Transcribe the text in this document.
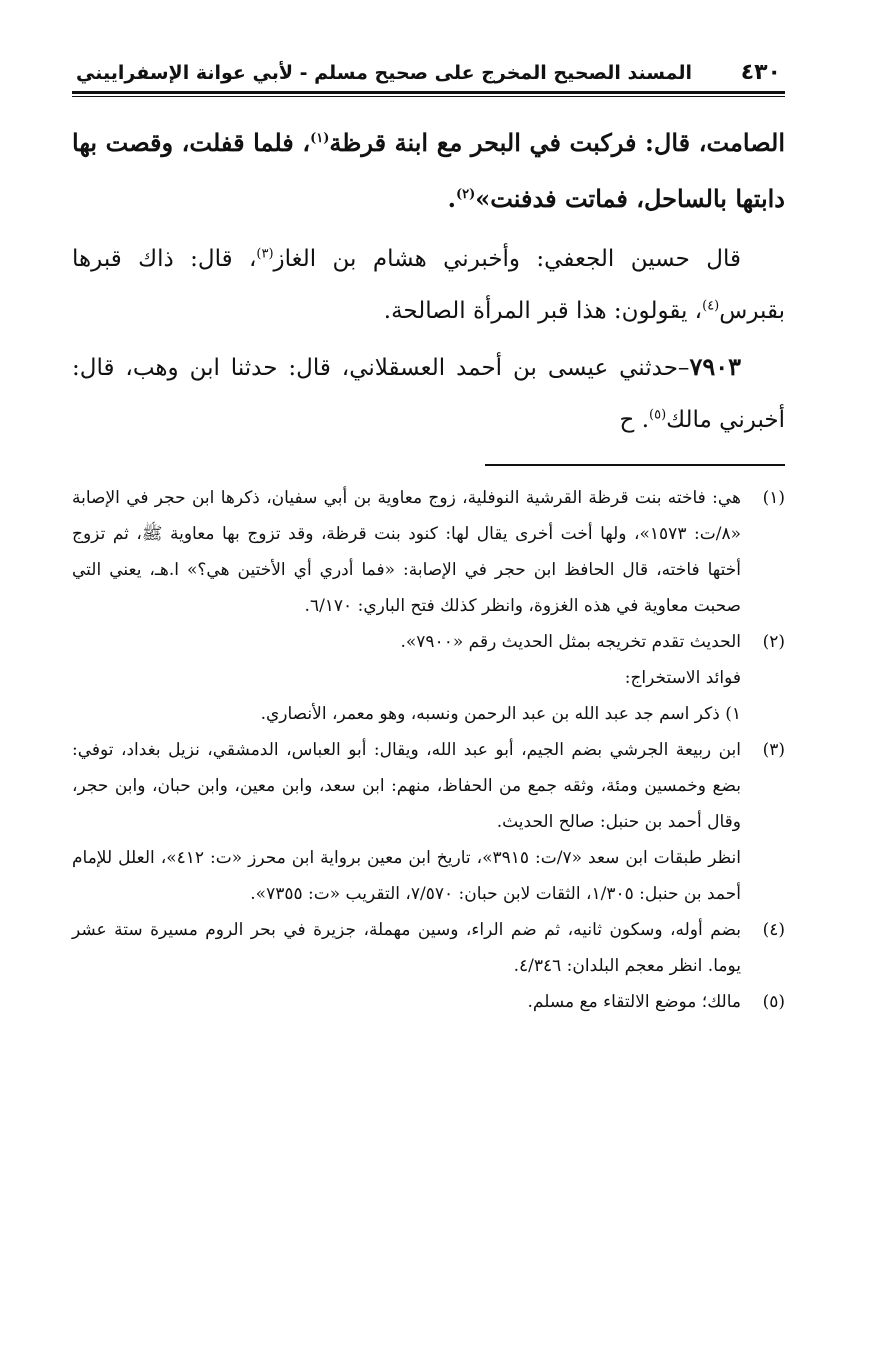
٤٣٠
المسند الصحيح المخرج على صحيح مسلم - لأبي عوانة الإسفراييني

الصامت، قال: فركبت في البحر مع ابنة قرظة$^{(١)}$، فلما قفلت، وقصت بها دابتها بالساحل، فماتت فدفنت»$^{(٢)}$.

قال حسين الجعفي: وأخبرني هشام بن الغاز$^{(٣)}$، قال: ذاك قبرها بقبرس$^{(٤)}$، يقولون: هذا قبر المرأة الصالحة.

٧٩٠٣–حدثني عيسى بن أحمد العسقلاني، قال: حدثنا ابن وهب، قال: أخبرني مالك$^{(٥)}$. ح

(١)
هي: فاخته بنت قرظة القرشية النوفلية، زوج معاوية بن أبي سفيان، ذكرها ابن حجر في الإصابة «٨/ت: ١٥٧٣»، ولها أخت أخرى يقال لها: كنود بنت قرظة، وقد تزوج بها معاوية ﷺ، ثم تزوج أختها فاخته، قال الحافظ ابن حجر في الإصابة: «فما أدري أي الأختين هي؟» ا.هـ، يعني التي صحبت معاوية في هذه الغزوة، وانظر كذلك فتح الباري: ٦/١٧٠.

(٢)
الحديث تقدم تخريجه بمثل الحديث رقم «٧٩٠٠».

فوائد الاستخراج:

١) ذكر اسم جد عبد الله بن عبد الرحمن ونسبه، وهو معمر، الأنصاري.

(٣)
ابن ربيعة الجرشي بضم الجيم، أبو عبد الله، ويقال: أبو العباس، الدمشقي، نزيل بغداد، توفي: بضع وخمسين ومئة، وثقه جمع من الحفاظ، منهم: ابن سعد، وابن معين، وابن حبان، وابن حجر، وقال أحمد بن حنبل: صالح الحديث.

انظر طبقات ابن سعد «٧/ت: ٣٩١٥»، تاريخ ابن معين برواية ابن محرز «ت: ٤١٢»، العلل للإمام أحمد بن حنبل: ١/٣٠٥، الثقات لابن حبان: ٧/٥٧٠، التقريب «ت: ٧٣٥٥».

(٤)
بضم أوله، وسكون ثانيه، ثم ضم الراء، وسين مهملة، جزيرة في بحر الروم مسيرة ستة عشر يوما. انظر معجم البلدان: ٤/٣٤٦.

(٥)
مالك؛ موضع الالتقاء مع مسلم.
